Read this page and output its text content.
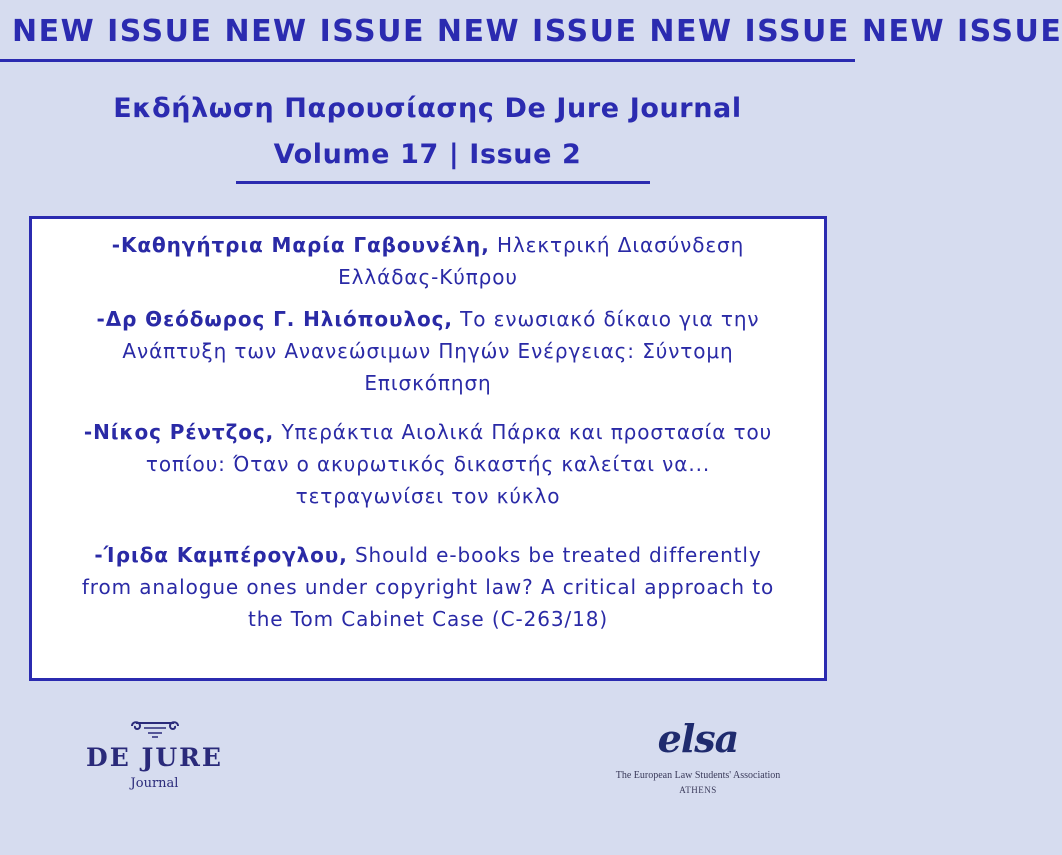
NEW ISSUE NEW ISSUE NEW ISSUE NEW ISSUE NEW ISSUE
Εκδήλωση Παρουσίασης De Jure Journal
Volume 17 | Issue 2
-Καθηγήτρια Μαρία Γαβουνέλη, Ηλεκτρική Διασύνδεση
Ελλάδας-Κύπρου
-Δρ Θεόδωρος Γ. Ηλιόπουλος, Το ενωσιακό δίκαιο για την
Ανάπτυξη των Ανανεώσιμων Πηγών Ενέργειας: Σύντομη
Επισκόπηση
-Νίκος Ρέντζος, Υπεράκτια Αιολικά Πάρκα και προστασία του
τοπίου: Όταν ο ακυρωτικός δικαστής καλείται να...
τετραγωνίσει τον κύκλο
-Ίριδα Καμπέρογλου, Should e-books be treated differently
from analogue ones under copyright law? A critical approach to
the Tom Cabinet Case (C-263/18)
DE JURE
Journal
elsa
The European Law Students' Association
ATHENS
